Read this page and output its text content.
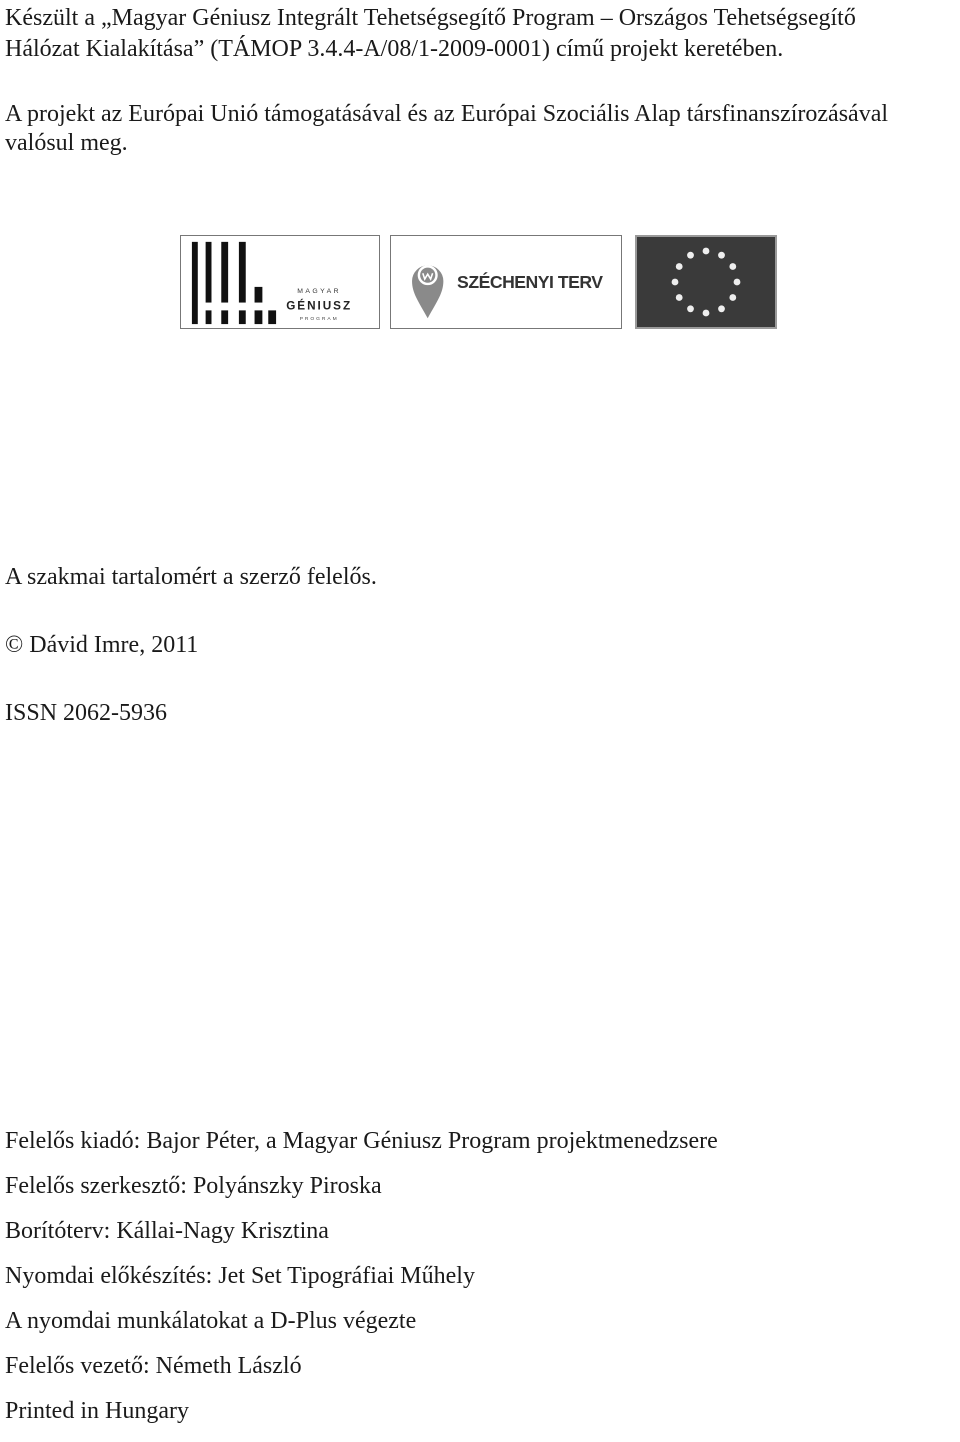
Készült a „Magyar Géniusz Integrált Tehetségsegítő Program – Országos Tehetségsegítő

Hálózat Kialakítása” (TÁMOP 3.4.4-A/08/1-2009-0001) című projekt keretében.

A projekt az Európai Unió támogatásával és az Európai Szociális Alap társfinanszírozásával valósul meg.

MAGYAR
GÉNIUSZ
PROGRAM
SZÉCHENYI TERV

A szakmai tartalomért a szerző felelős.

© Dávid Imre, 2011

ISSN 2062-5936

Felelős kiadó: Bajor Péter, a Magyar Géniusz Program projektmenedzsere
Felelős szerkesztő: Polyánszky Piroska
Borítóterv: Kállai-Nagy Krisztina
Nyomdai előkészítés: Jet Set Tipográfiai Műhely
A nyomdai munkálatokat a D-Plus végezte
Felelős vezető: Németh László
Printed in Hungary
